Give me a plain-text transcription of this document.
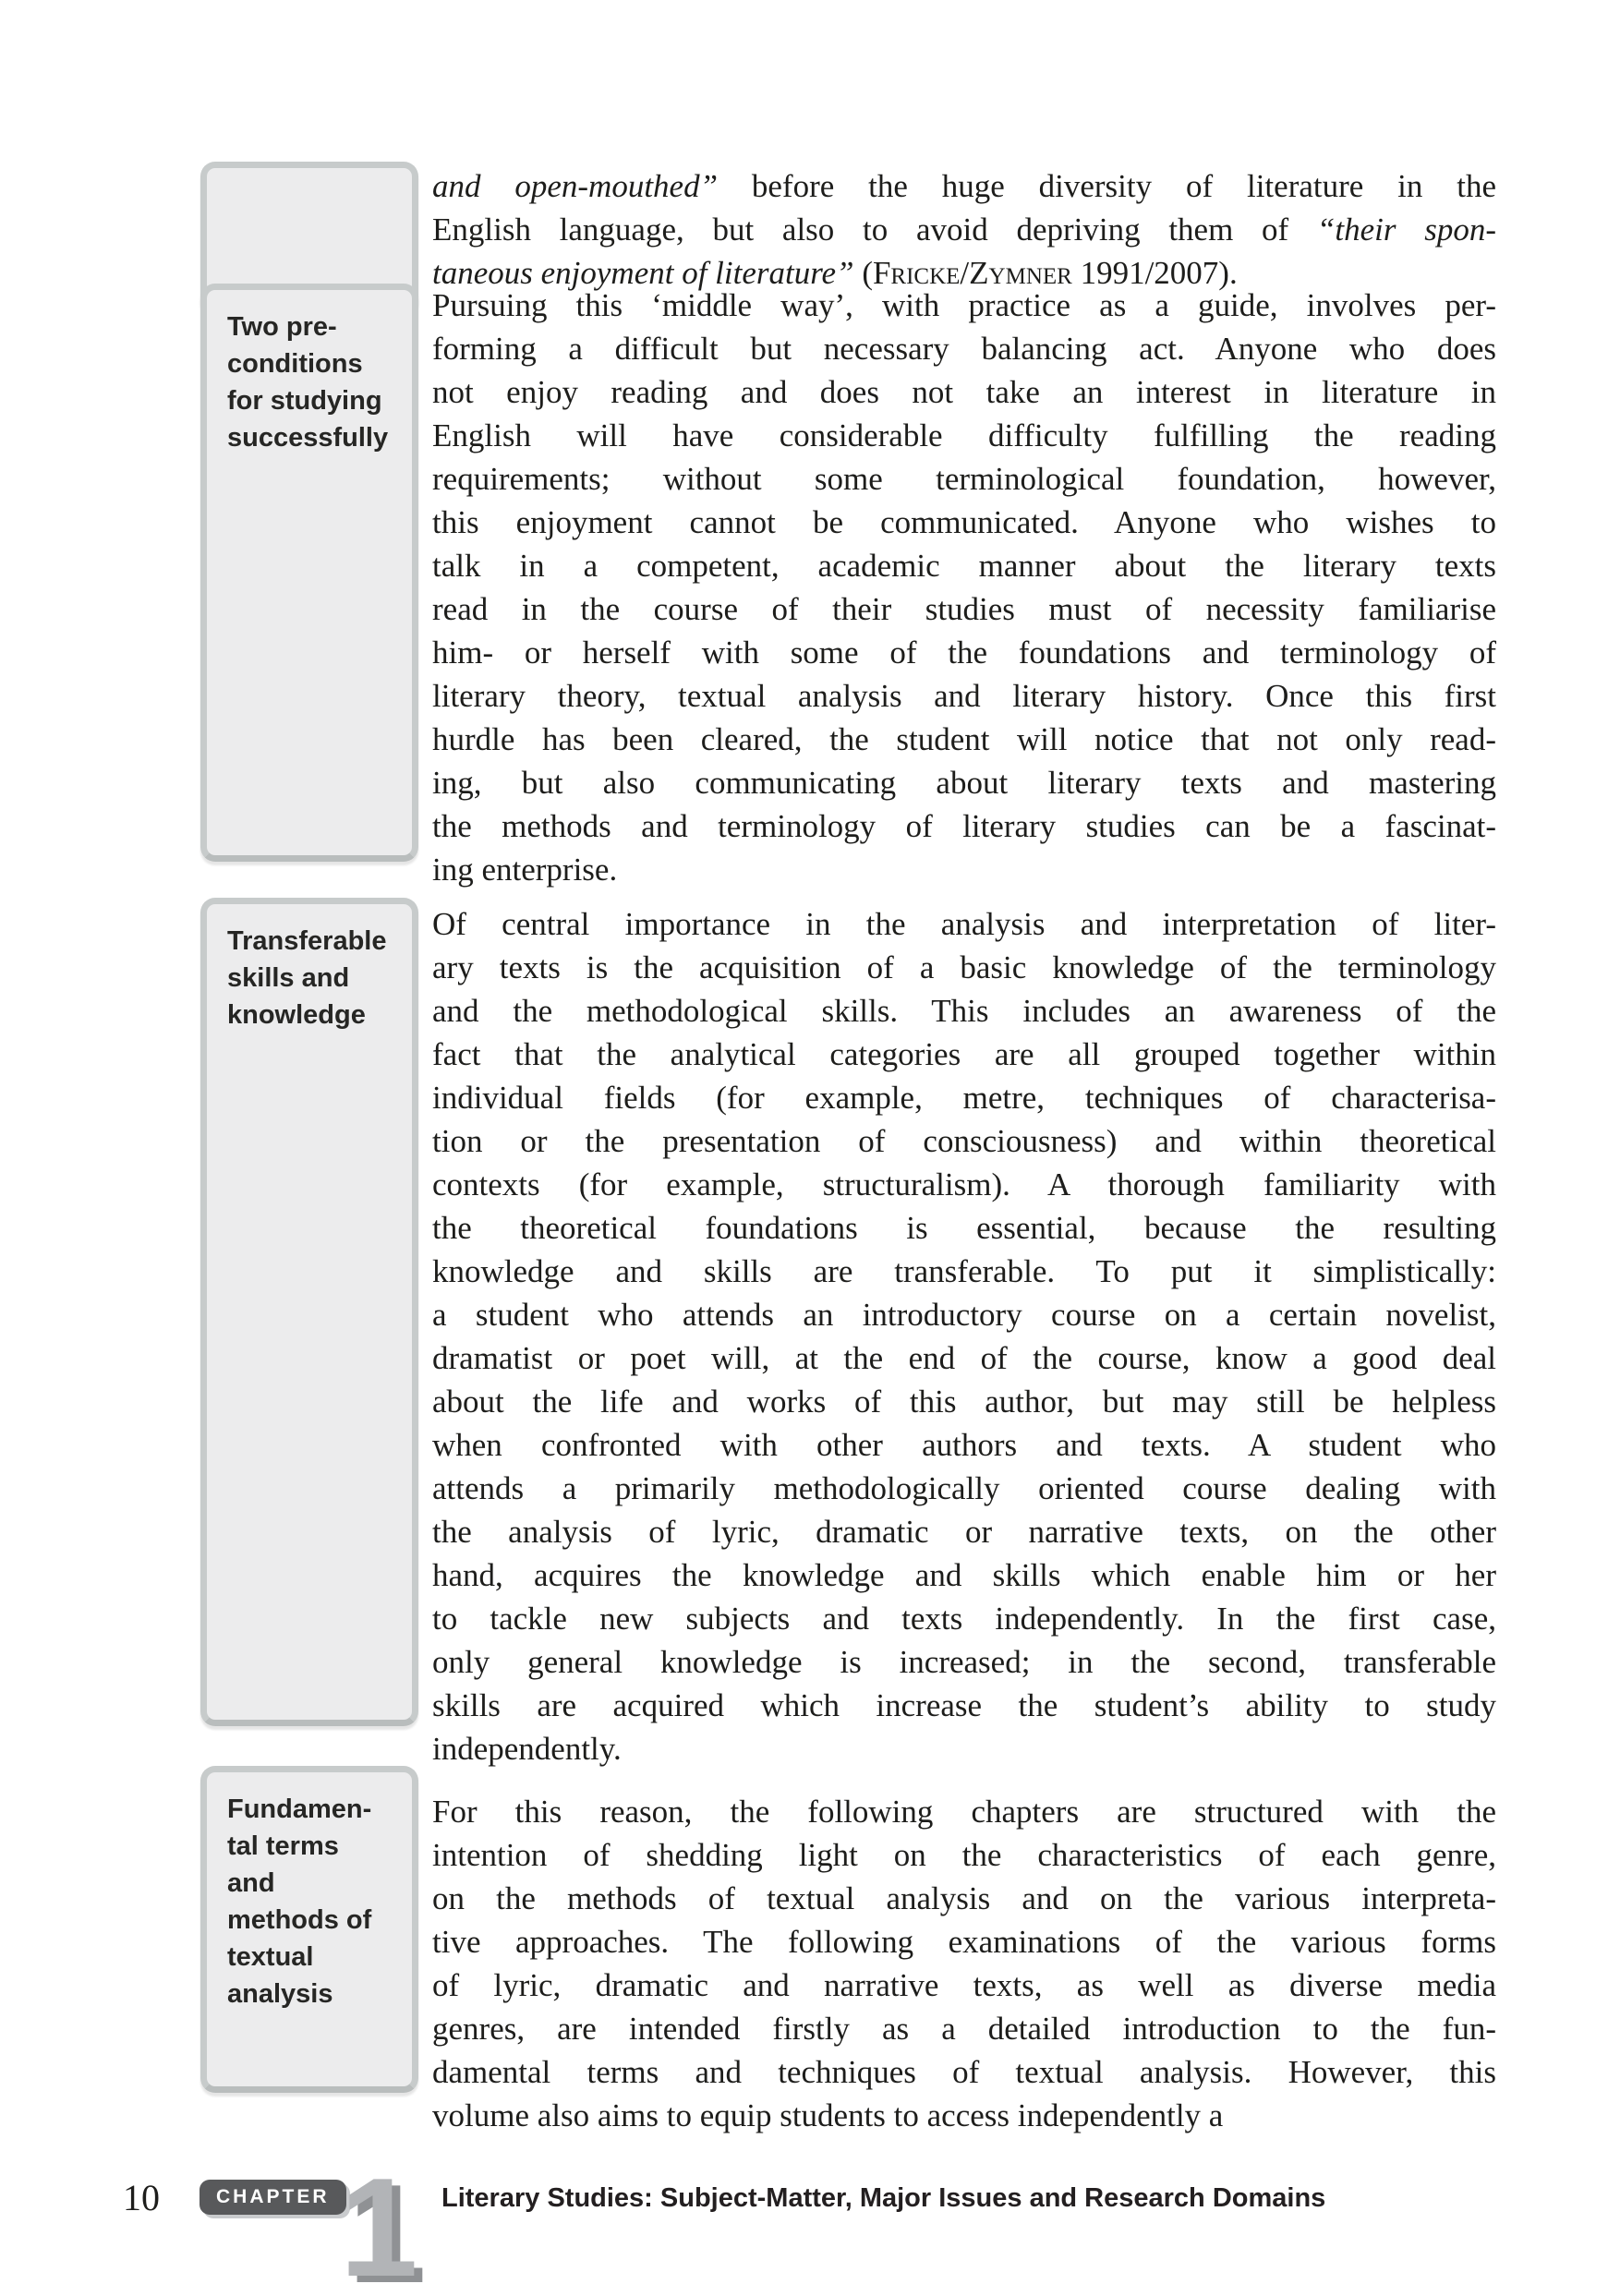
Two pre-
conditions
for studying
successfully
Transferable
skills and
knowledge
Fundamen-
tal terms
and
methods of
textual
analysis
and open-mouthed” before the huge diversity of literature in the
English language, but also to avoid depriving them of “their spon-
taneous enjoyment of literature” (Fricke/Zymner 1991/2007).
Pursuing this ‘middle way’, with practice as a guide, involves per-
forming a difficult but necessary balancing act. Anyone who does
not enjoy reading and does not take an interest in literature in
English will have considerable difficulty fulfilling the reading
requirements; without some terminological foundation, however,
this enjoyment cannot be communicated. Anyone who wishes to
talk in a competent, academic manner about the literary texts
read in the course of their studies must of necessity familiarise
him- or herself with some of the foundations and terminology of
literary theory, textual analysis and literary history. Once this first
hurdle has been cleared, the student will notice that not only read-
ing, but also communicating about literary texts and mastering
the methods and terminology of literary studies can be a fascinat-
ing enterprise.
Of central importance in the analysis and interpretation of liter-
ary texts is the acquisition of a basic knowledge of the terminology
and the methodological skills. This includes an awareness of the
fact that the analytical categories are all grouped together within
individual fields (for example, metre, techniques of characterisa-
tion or the presentation of consciousness) and within theoretical
contexts (for example, structuralism). A thorough familiarity with
the theoretical foundations is essential, because the resulting
knowledge and skills are transferable. To put it simplistically:
a student who attends an introductory course on a certain novelist,
dramatist or poet will, at the end of the course, know a good deal
about the life and works of this author, but may still be helpless
when confronted with other authors and texts. A student who
attends a primarily methodologically oriented course dealing with
the analysis of lyric, dramatic or narrative texts, on the other
hand, acquires the knowledge and skills which enable him or her
to tackle new subjects and texts independently. In the first case,
only general knowledge is increased; in the second, transferable
skills are acquired which increase the student’s ability to study
independently.
For this reason, the following chapters are structured with the
intention of shedding light on the characteristics of each genre,
on the methods of textual analysis and on the various interpreta-
tive approaches. The following examinations of the various forms
of lyric, dramatic and narrative texts, as well as diverse media
genres, are intended firstly as a detailed introduction to the fun-
damental terms and techniques of textual analysis. However, this
volume also aims to equip students to access independently a
10	CHAPTER 1 Literary Studies: Subject-Matter, Major Issues and Research Domains
